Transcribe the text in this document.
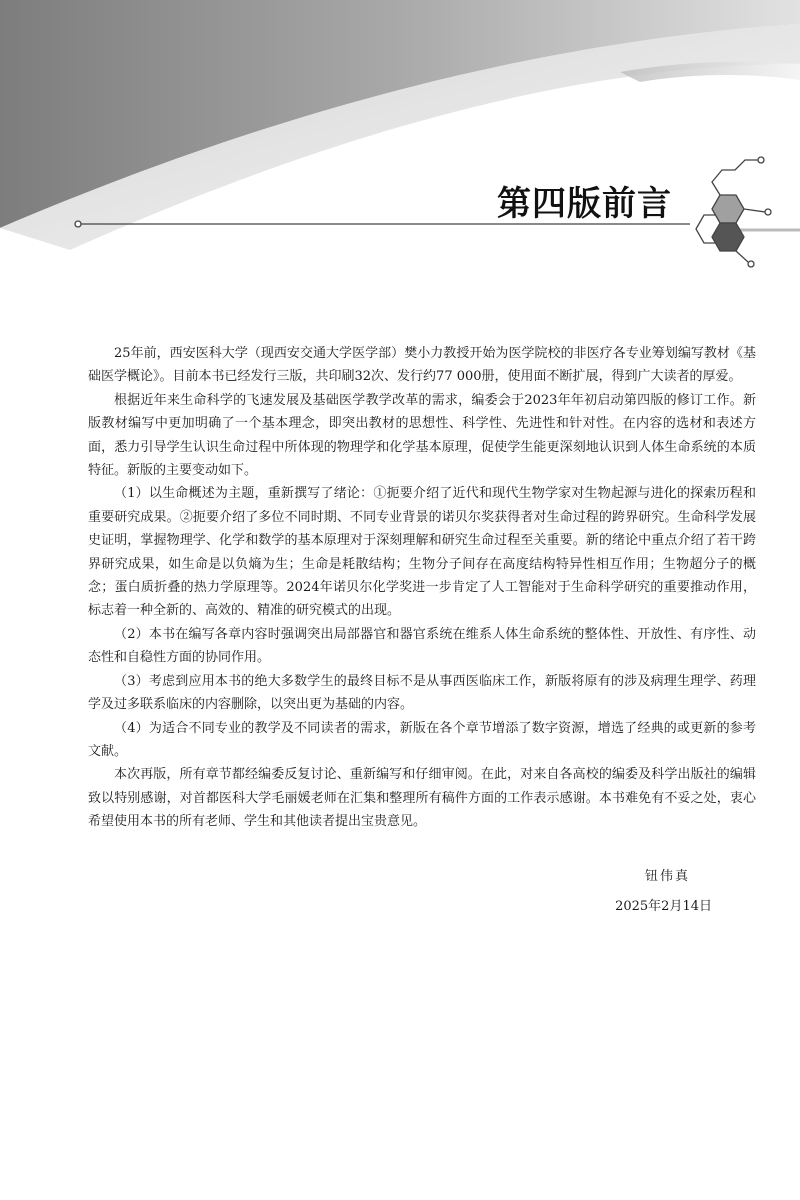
第四版前言

25年前，西安医科大学（现西安交通大学医学部）樊小力教授开始为医学院校的非医疗各专业筹划编写教材《基础医学概论》。目前本书已经发行三版，共印刷32次、发行约77 000册，使用面不断扩展，得到广大读者的厚爱。

根据近年来生命科学的飞速发展及基础医学教学改革的需求，编委会于2023年年初启动第四版的修订工作。新版教材编写中更加明确了一个基本理念，即突出教材的思想性、科学性、先进性和针对性。在内容的选材和表述方面，悉力引导学生认识生命过程中所体现的物理学和化学基本原理，促使学生能更深刻地认识到人体生命系统的本质特征。新版的主要变动如下。

（1）以生命概述为主题，重新撰写了绪论：①扼要介绍了近代和现代生物学家对生物起源与进化的探索历程和重要研究成果。②扼要介绍了多位不同时期、不同专业背景的诺贝尔奖获得者对生命过程的跨界研究。生命科学发展史证明，掌握物理学、化学和数学的基本原理对于深刻理解和研究生命过程至关重要。新的绪论中重点介绍了若干跨界研究成果，如生命是以负熵为生；生命是耗散结构；生物分子间存在高度结构特异性相互作用；生物超分子的概念；蛋白质折叠的热力学原理等。2024年诺贝尔化学奖进一步肯定了人工智能对于生命科学研究的重要推动作用，标志着一种全新的、高效的、精准的研究模式的出现。

（2）本书在编写各章内容时强调突出局部器官和器官系统在维系人体生命系统的整体性、开放性、有序性、动态性和自稳性方面的协同作用。

（3）考虑到应用本书的绝大多数学生的最终目标不是从事西医临床工作，新版将原有的涉及病理生理学、药理学及过多联系临床的内容删除，以突出更为基础的内容。

（4）为适合不同专业的教学及不同读者的需求，新版在各个章节增添了数字资源，增选了经典的或更新的参考文献。

本次再版，所有章节都经编委反复讨论、重新编写和仔细审阅。在此，对来自各高校的编委及科学出版社的编辑致以特别感谢，对首都医科大学毛丽媛老师在汇集和整理所有稿件方面的工作表示感谢。本书难免有不妥之处，衷心希望使用本书的所有老师、学生和其他读者提出宝贵意见。

钮伟真
2025年2月14日
